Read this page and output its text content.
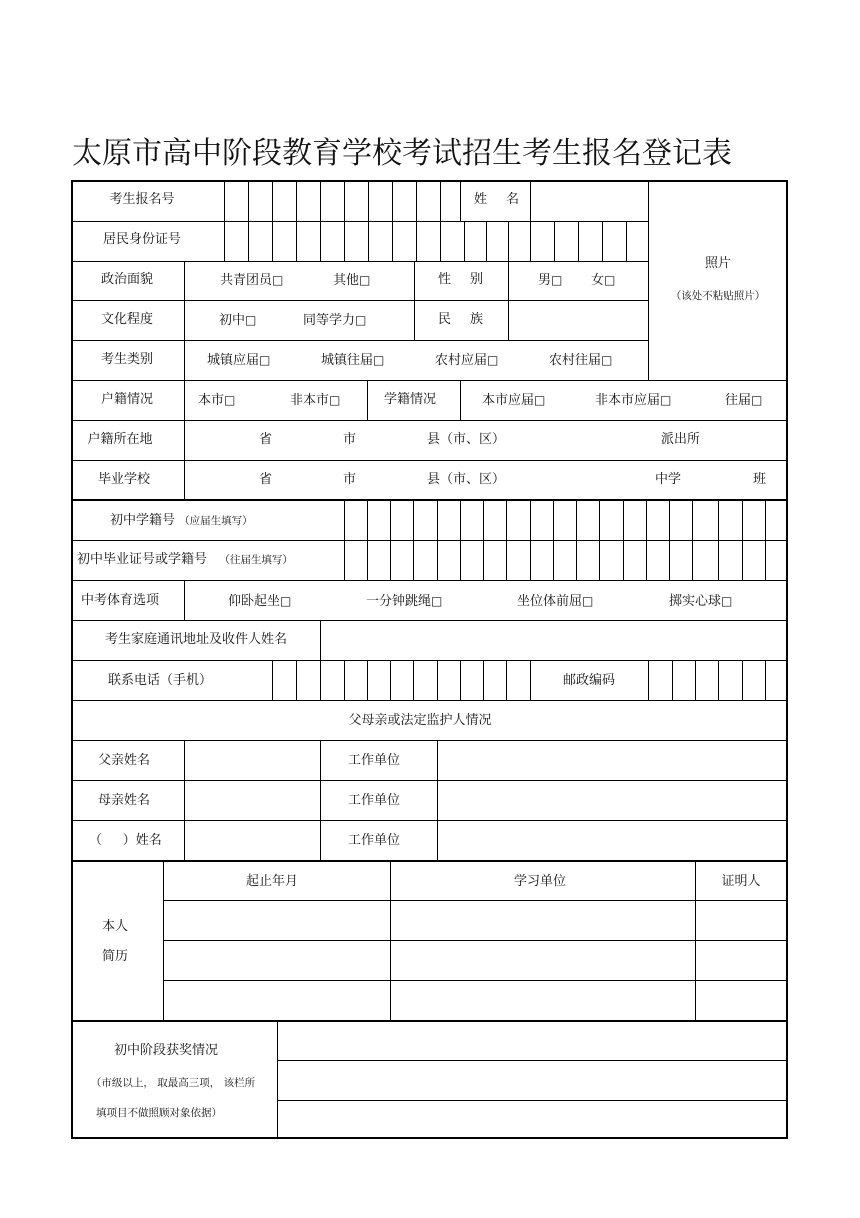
太原市高中阶段教育学校考试招生考生报名登记表
考生报名号	姓 名
居民身份证号
照片
（该处不粘贴照片）
政治面貌	共青团员□	其他□	性 别	男□ 女□
文化程度	初中□	同等学力□	民 族
考生类别	城镇应届□	城镇往届□	农村应届□	农村往届□
户籍情况	本市□	非本市□	学籍情况	本市应届□	非本市应届□	往届□
户籍所在地	省	市	县（市、区）	派出所
毕业学校	省	市	县（市、区）	中学	班
初中学籍号 （应届生填写）
初中毕业证号或学籍号 （往届生填写）
中考体育选项	仰卧起坐□	一分钟跳绳□	坐位体前屈□	掷实心球□
考生家庭通讯地址及收件人姓名
联系电话（手机）	邮政编码
父母亲或法定监护人情况
父亲姓名	工作单位
母亲姓名	工作单位
（ ）姓名	工作单位
本人
简历
起止年月	学习单位	证明人
初中阶段获奖情况
（市级以上， 取最高三项， 该栏所
填项目不做照顾对象依据）
